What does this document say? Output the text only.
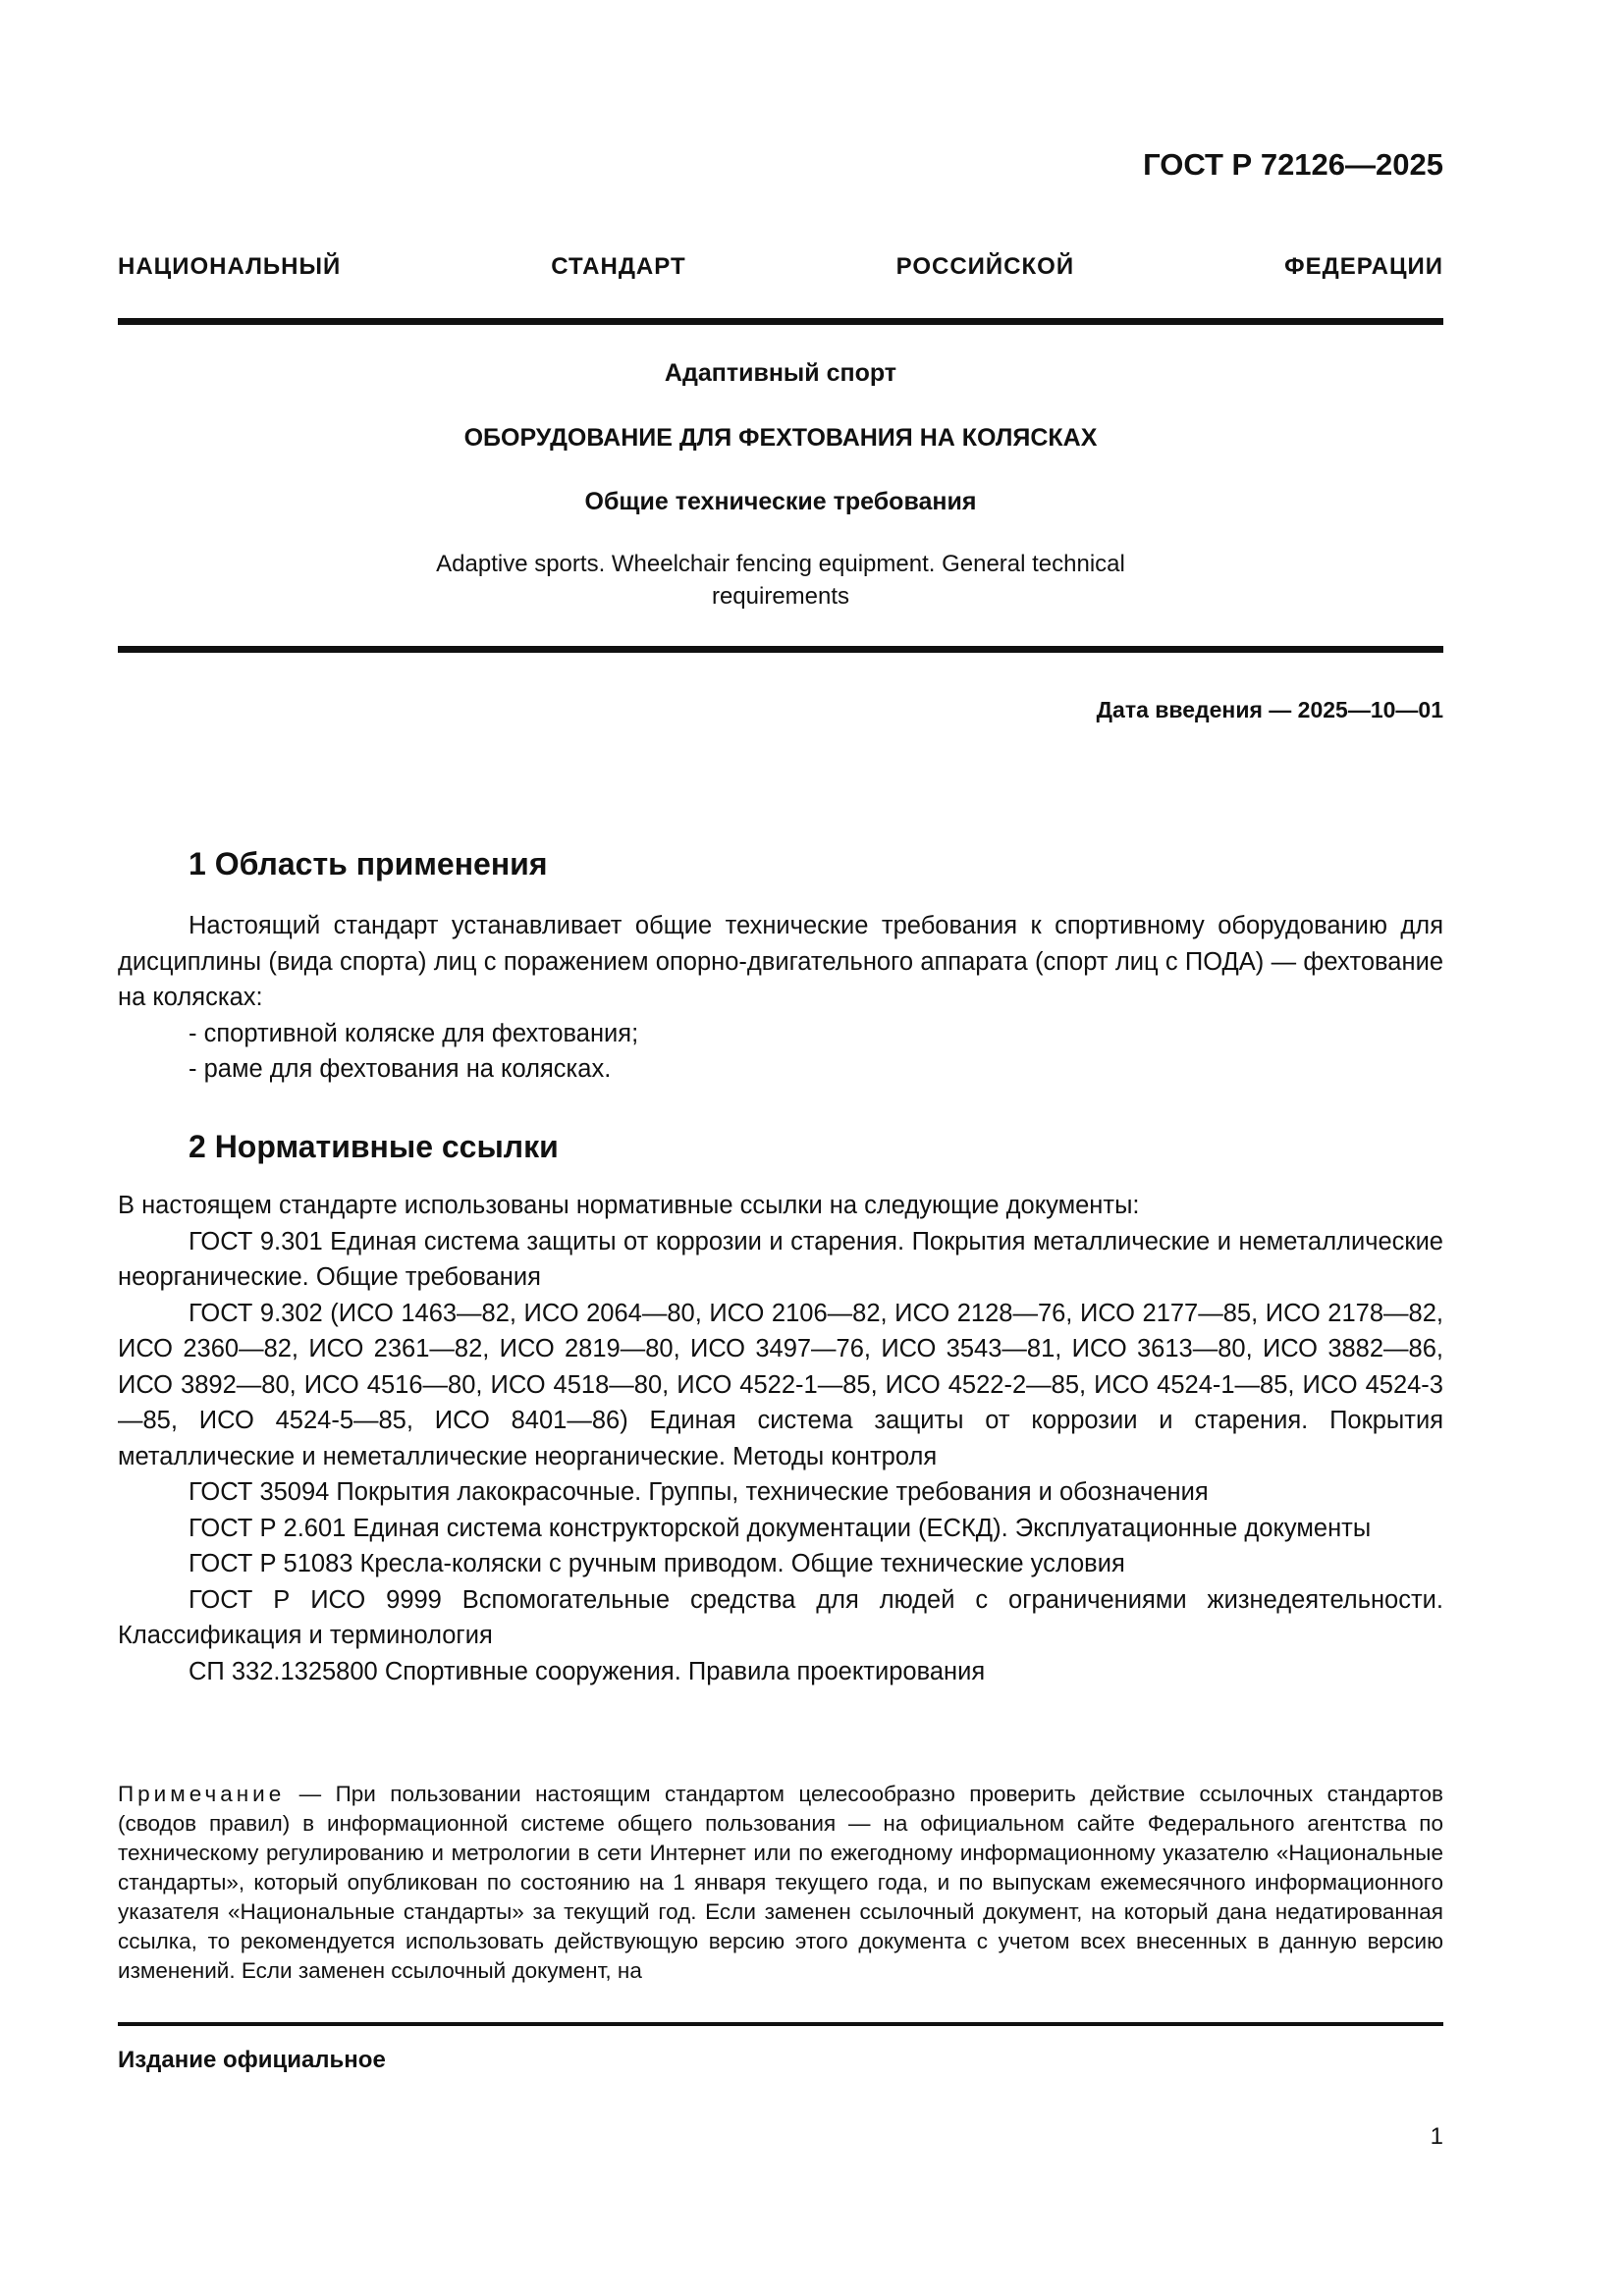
ГОСТ Р 72126—2025
НАЦИОНАЛЬНЫЙ СТАНДАРТ РОССИЙСКОЙ ФЕДЕРАЦИИ
Адаптивный спорт
ОБОРУДОВАНИЕ ДЛЯ ФЕХТОВАНИЯ НА КОЛЯСКАХ
Общие технические требования
Adaptive sports. Wheelchair fencing equipment. General technical
requirements
Дата введения — 2025—10—01
1 Область применения

Настоящий стандарт устанавливает общие технические требования к спортивному оборудованию для дисциплины (вида спорта) лиц с поражением опорно-двигательного аппарата (спорт лиц с ПОДА) — фехтование на колясках:

- спортивной коляске для фехтования;

- раме для фехтования на колясках.

2 Нормативные ссылки

В настоящем стандарте использованы нормативные ссылки на следующие документы:

ГОСТ 9.301 Единая система защиты от коррозии и старения. Покрытия металлические и неметаллические неорганические. Общие требования

ГОСТ 9.302 (ИСО 1463—82, ИСО 2064—80, ИСО 2106—82, ИСО 2128—76, ИСО 2177—85, ИСО 2178—82, ИСО 2360—82, ИСО 2361—82, ИСО 2819—80, ИСО 3497—76, ИСО 3543—81, ИСО 3613—80, ИСО 3882—86, ИСО 3892—80, ИСО 4516—80, ИСО 4518—80, ИСО 4522-1—85, ИСО 4522-2—85, ИСО 4524-1—85, ИСО 4524-3—85, ИСО 4524-5—85, ИСО 8401—86) Единая система защиты от коррозии и старения. Покрытия металлические и неметаллические неорганические. Методы контроля

ГОСТ 35094 Покрытия лакокрасочные. Группы, технические требования и обозначения

ГОСТ Р 2.601 Единая система конструкторской документации (ЕСКД). Эксплуатационные документы

ГОСТ Р 51083 Кресла-коляски с ручным приводом. Общие технические условия

ГОСТ Р ИСО 9999 Вспомогательные средства для людей с ограничениями жизнедеятельности. Классификация и терминология

СП 332.1325800 Спортивные сооружения. Правила проектирования

Примечание — При пользовании настоящим стандартом целесообразно проверить действие ссылочных стандартов (сводов правил) в информационной системе общего пользования — на официальном сайте Федерального агентства по техническому регулированию и метрологии в сети Интернет или по ежегодному информационному указателю «Национальные стандарты», который опубликован по состоянию на 1 января текущего года, и по выпускам ежемесячного информационного указателя «Национальные стандарты» за текущий год. Если заменен ссылочный документ, на который дана недатированная ссылка, то рекомендуется использовать действующую версию этого документа с учетом всех внесенных в данную версию изменений. Если заменен ссылочный документ, на
Издание официальное
1
